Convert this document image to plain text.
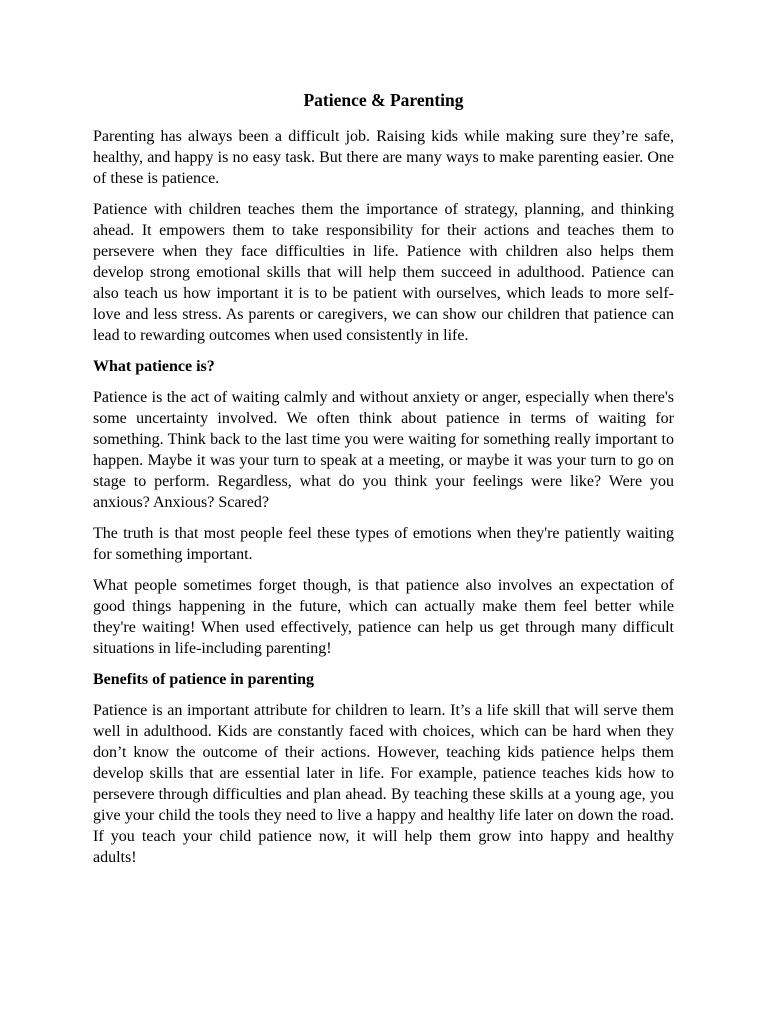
Patience & Parenting

Parenting has always been a difficult job. Raising kids while making sure they’re safe, healthy, and happy is no easy task. But there are many ways to make parenting easier. One of these is patience.

Patience with children teaches them the importance of strategy, planning, and thinking ahead. It empowers them to take responsibility for their actions and teaches them to persevere when they face difficulties in life. Patience with children also helps them develop strong emotional skills that will help them succeed in adulthood. Patience can also teach us how important it is to be patient with ourselves, which leads to more self-love and less stress. As parents or caregivers, we can show our children that patience can lead to rewarding outcomes when used consistently in life.

What patience is?

Patience is the act of waiting calmly and without anxiety or anger, especially when there's some uncertainty involved. We often think about patience in terms of waiting for something. Think back to the last time you were waiting for something really important to happen. Maybe it was your turn to speak at a meeting, or maybe it was your turn to go on stage to perform. Regardless, what do you think your feelings were like? Were you anxious? Anxious? Scared?

The truth is that most people feel these types of emotions when they're patiently waiting for something important.

What people sometimes forget though, is that patience also involves an expectation of good things happening in the future, which can actually make them feel better while they're waiting! When used effectively, patience can help us get through many difficult situations in life-including parenting!

Benefits of patience in parenting

Patience is an important attribute for children to learn. It’s a life skill that will serve them well in adulthood. Kids are constantly faced with choices, which can be hard when they don’t know the outcome of their actions. However, teaching kids patience helps them develop skills that are essential later in life. For example, patience teaches kids how to persevere through difficulties and plan ahead. By teaching these skills at a young age, you give your child the tools they need to live a happy and healthy life later on down the road. If you teach your child patience now, it will help them grow into happy and healthy adults!
